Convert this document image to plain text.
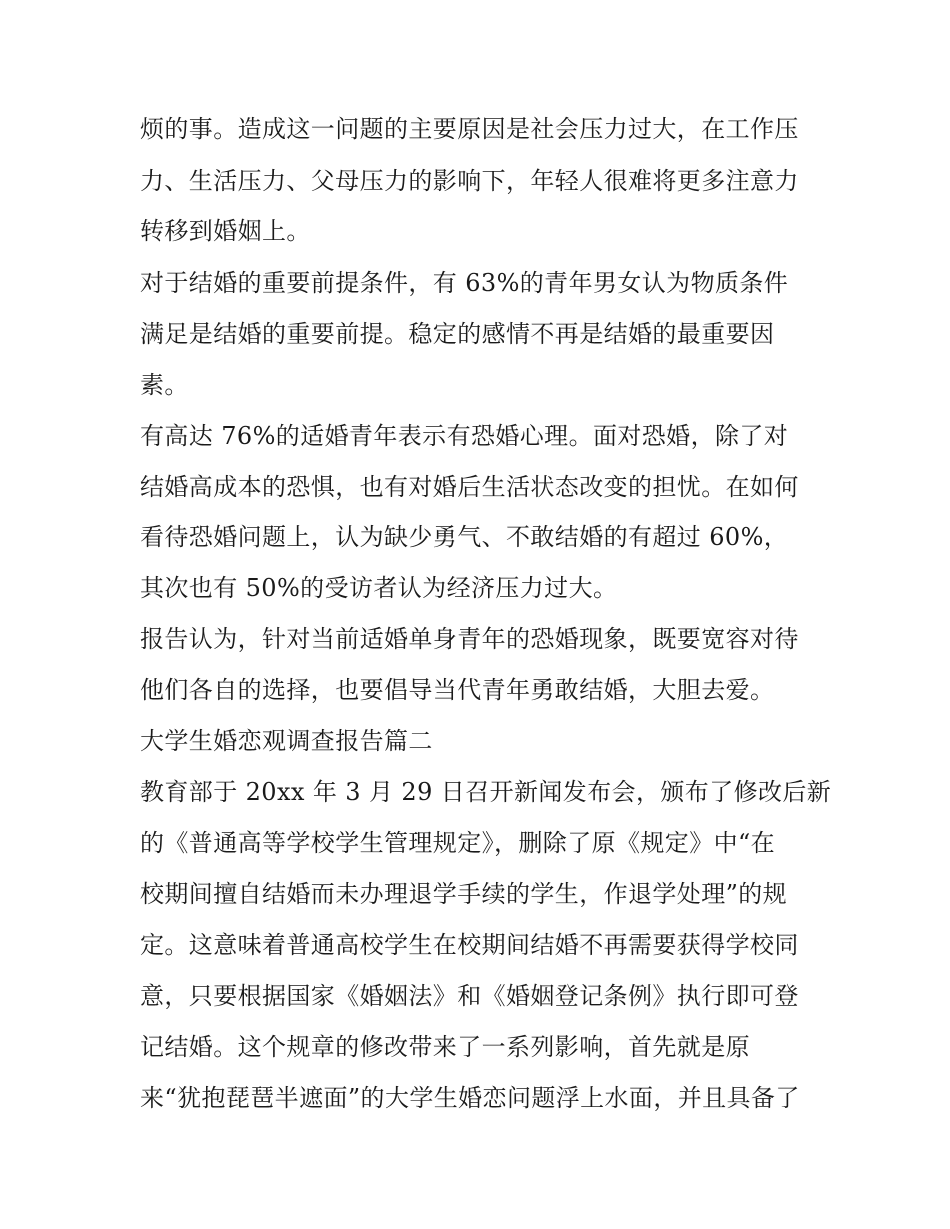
烦的事。造成这一问题的主要原因是社会压力过大，在工作压

力、生活压力、父母压力的影响下，年轻人很难将更多注意力

转移到婚姻上。

对于结婚的重要前提条件，有 63%的青年男女认为物质条件

满足是结婚的重要前提。稳定的感情不再是结婚的最重要因

素。

有高达 76%的适婚青年表示有恐婚心理。面对恐婚，除了对

结婚高成本的恐惧，也有对婚后生活状态改变的担忧。在如何

看待恐婚问题上，认为缺少勇气、不敢结婚的有超过 60%，

其次也有 50%的受访者认为经济压力过大。

报告认为，针对当前适婚单身青年的恐婚现象，既要宽容对待

他们各自的选择，也要倡导当代青年勇敢结婚，大胆去爱。

大学生婚恋观调查报告篇二

教育部于 20xx 年 3 月 29 日召开新闻发布会，颁布了修改后新

的《普通高等学校学生管理规定》，删除了原《规定》中“在

校期间擅自结婚而未办理退学手续的学生，作退学处理”的规

定。这意味着普通高校学生在校期间结婚不再需要获得学校同

意，只要根据国家《婚姻法》和《婚姻登记条例》执行即可登

记结婚。这个规章的修改带来了一系列影响，首先就是原

来“犹抱琵琶半遮面”的大学生婚恋问题浮上水面，并且具备了
